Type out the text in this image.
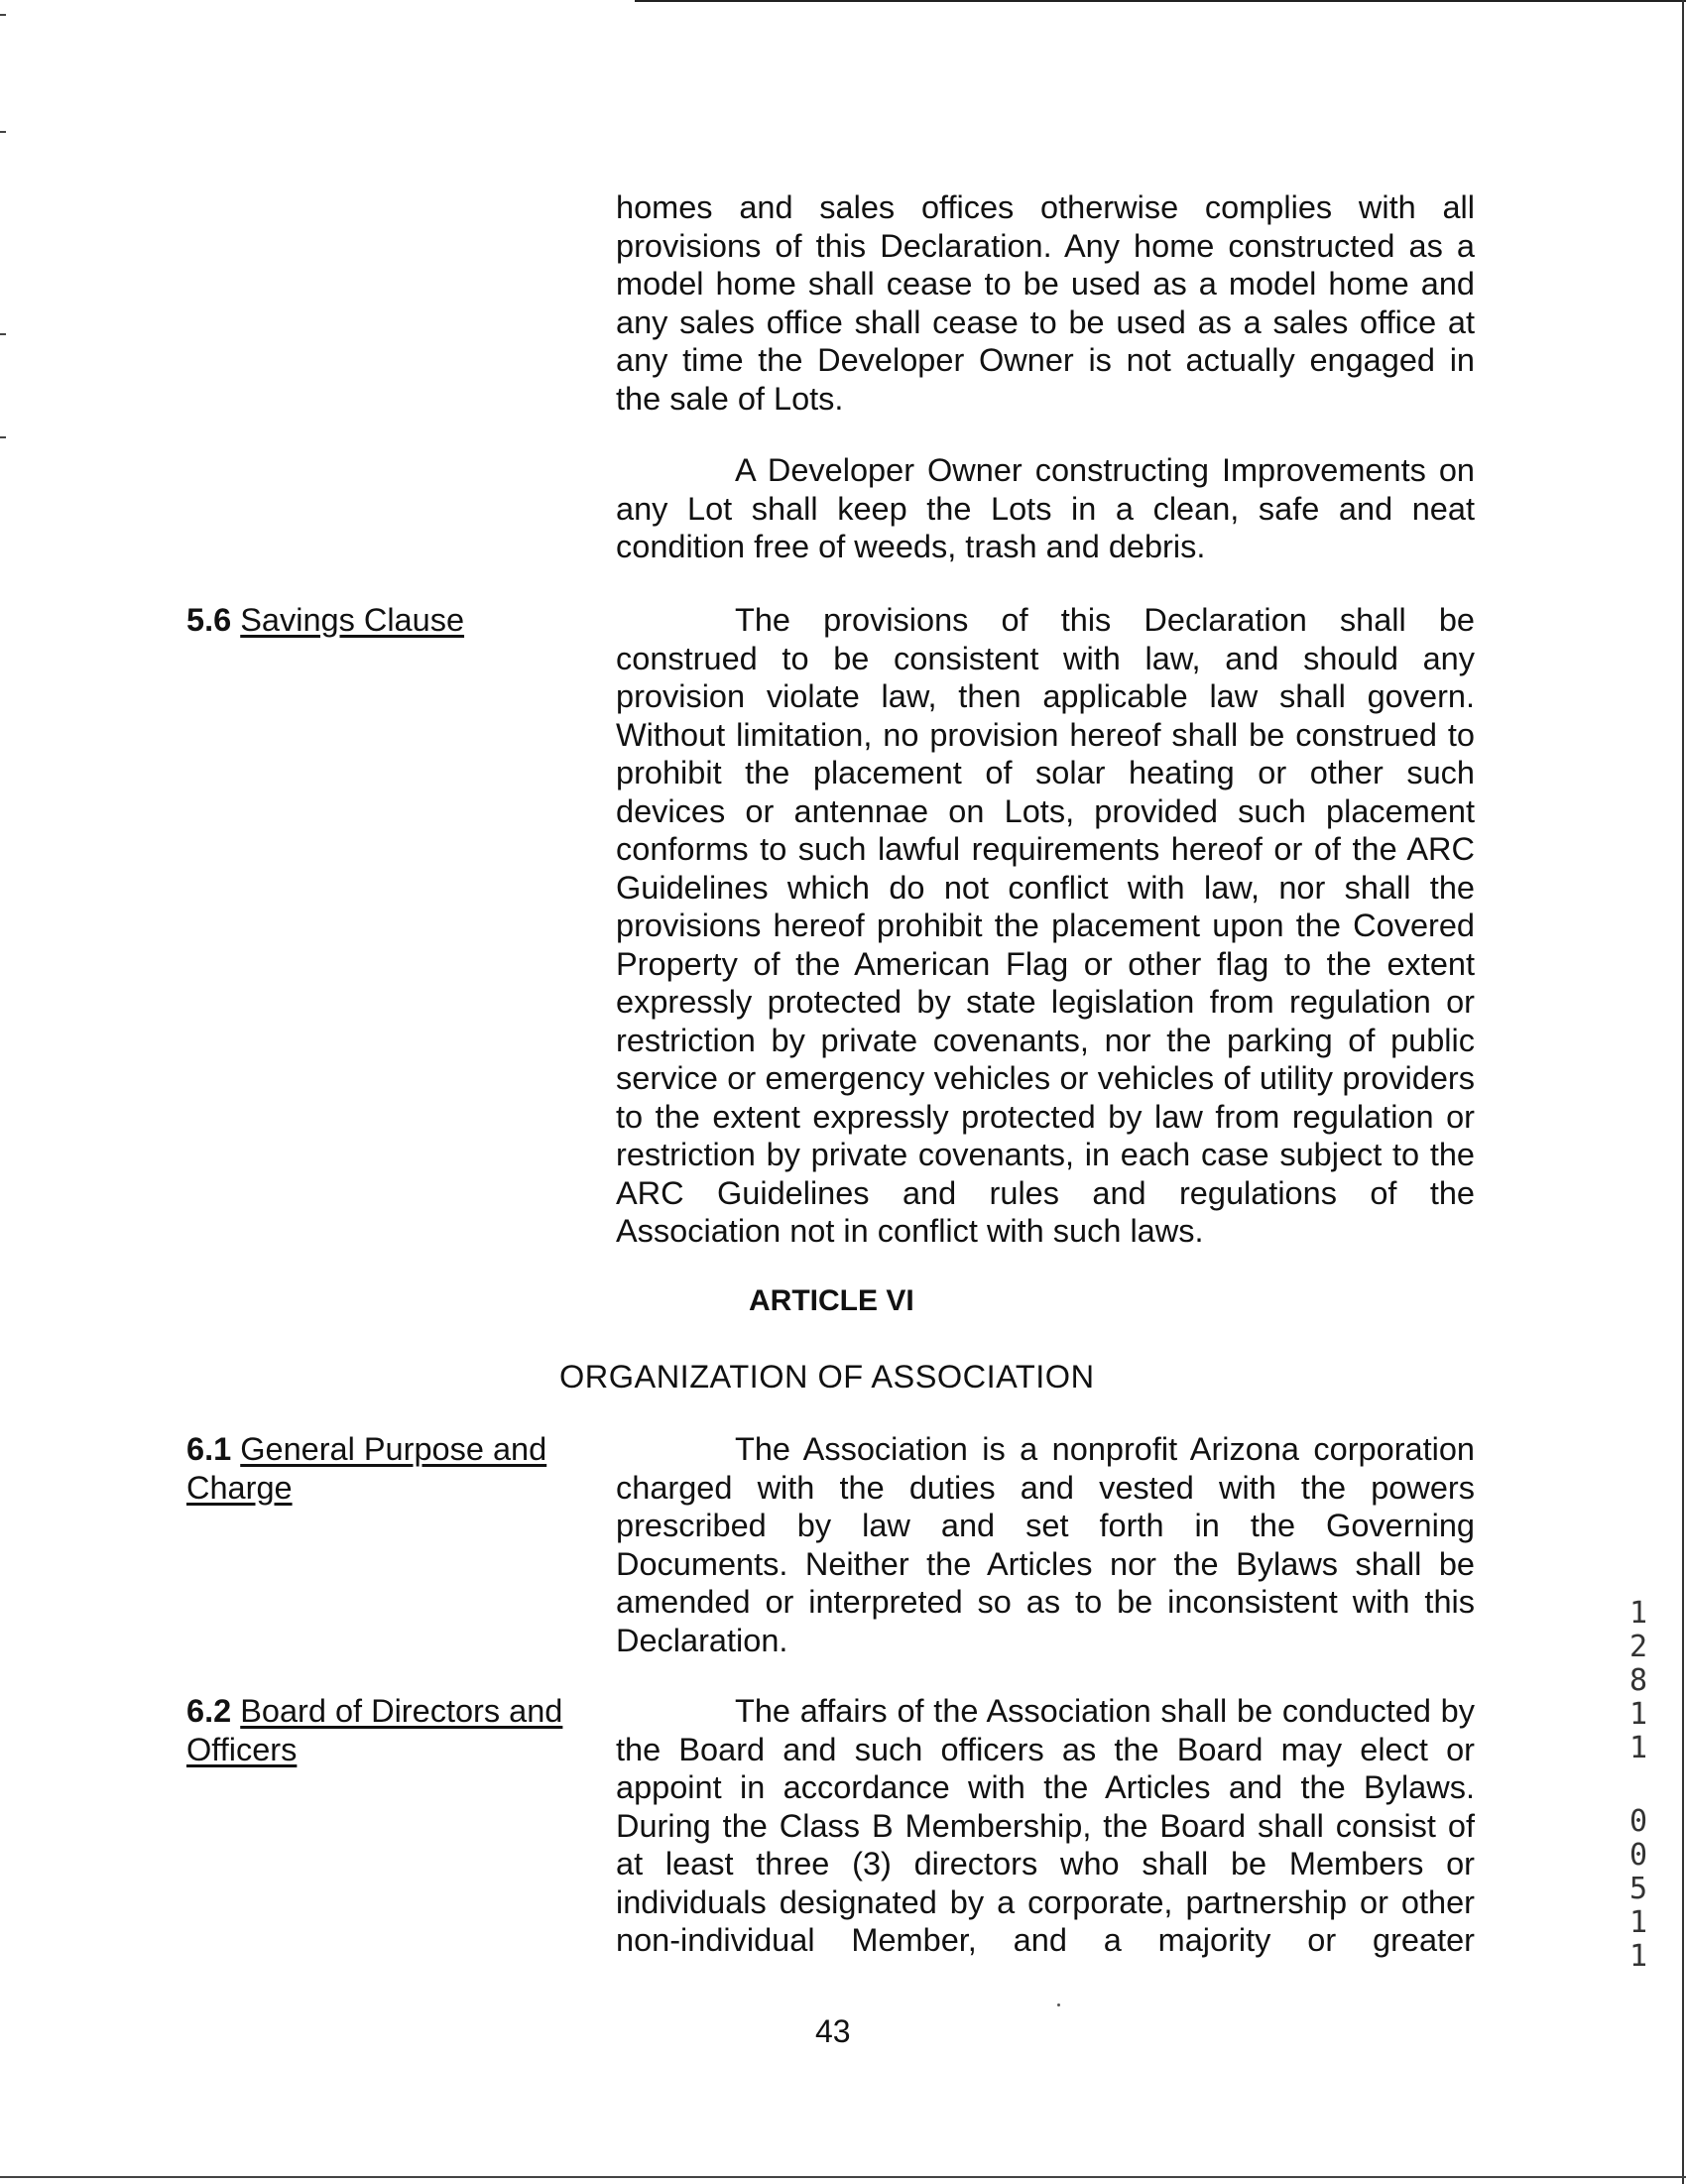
homes and sales offices otherwise complies with all provisions of this Declaration. Any home constructed as a model home shall cease to be used as a model home and any sales office shall cease to be used as a sales office at any time the Developer Owner is not actually engaged in the sale of Lots.

A Developer Owner constructing Improvements on any Lot shall keep the Lots in a clean, safe and neat condition free of weeds, trash and debris.

5.6 Savings Clause	The provisions of this Declaration shall be construed to be consistent with law, and should any provision violate law, then applicable law shall govern. Without limitation, no provision hereof shall be construed to prohibit the placement of solar heating or other such devices or antennae on Lots, provided such placement conforms to such lawful requirements hereof or of the ARC Guidelines which do not conflict with law, nor shall the provisions hereof prohibit the placement upon the Covered Property of the American Flag or other flag to the extent expressly protected by state legislation from regulation or restriction by private covenants, nor the parking of public service or emergency vehicles or vehicles of utility providers to the extent expressly protected by law from regulation or restriction by private covenants, in each case subject to the ARC Guidelines and rules and regulations of the Association not in conflict with such laws.

ARTICLE VI

ORGANIZATION OF ASSOCIATION

6.1 General Purpose and Charge

The Association is a nonprofit Arizona corporation charged with the duties and vested with the powers prescribed by law and set forth in the Governing Documents. Neither the Articles nor the Bylaws shall be amended or interpreted so as to be inconsistent with this Declaration.

6.2 Board of Directors and Officers

The affairs of the Association shall be conducted by the Board and such officers as the Board may elect or appoint in accordance with the Articles and the Bylaws. During the Class B Membership, the Board shall consist of at least three (3) directors who shall be Members or individuals designated by a corporate, partnership or other non-individual Member, and a majority or greater

1
2
8
1
1
0
0
5
1
1

43
